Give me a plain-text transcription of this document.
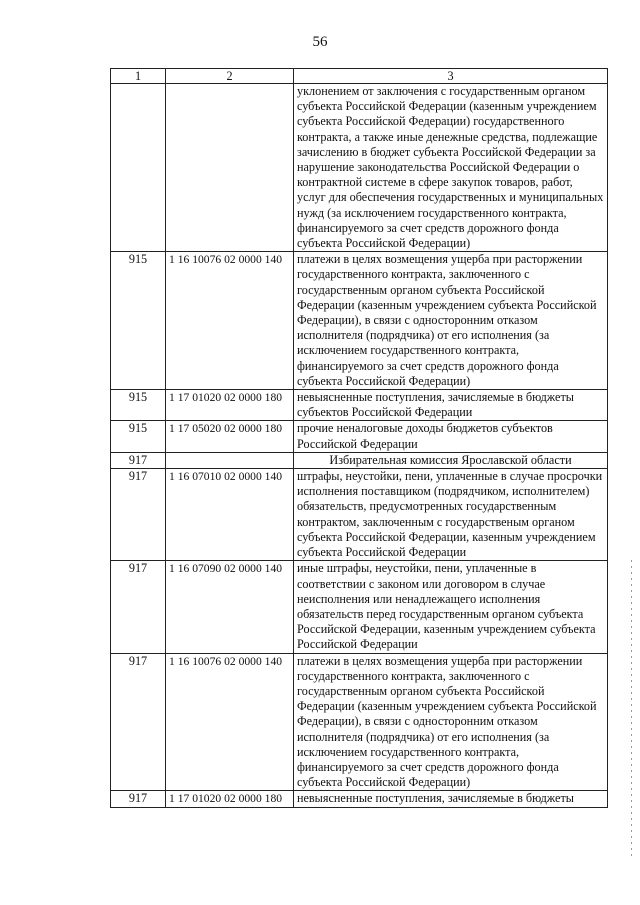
56
1	2	3
		уклонением от заключения с государственным органом субъекта Российской Федерации (казенным учреждением субъекта Российской Федерации) государственного контракта, а также иные денежные средства, подлежащие зачислению в бюджет субъекта Российской Федерации за нарушение законодательства Российской Федерации о контрактной системе в сфере закупок товаров, работ, услуг для обеспечения государственных и муниципальных нужд (за исключением государственного контракта, финансируемого за счет средств дорожного фонда субъекта Российской Федерации)
915	1 16 10076 02 0000 140	платежи в целях возмещения ущерба при расторжении государственного контракта, заключенного с государственным органом субъекта Российской Федерации (казенным учреждением субъекта Российской Федерации), в связи с односторонним отказом исполнителя (подрядчика) от его исполнения (за исключением государственного контракта, финансируемого за счет средств дорожного фонда субъекта Российской Федерации)
915	1 17 01020 02 0000 180	невыясненные поступления, зачисляемые в бюджеты субъектов Российской Федерации
915	1 17 05020 02 0000 180	прочие неналоговые доходы бюджетов субъектов Российской Федерации
917		Избирательная комиссия Ярославской области
917	1 16 07010 02 0000 140	штрафы, неустойки, пени, уплаченные в случае просрочки исполнения поставщиком (подрядчиком, исполнителем) обязательств, предусмотренных государственным контрактом, заключенным с государственым органом субъекта Российской Федерации, казенным учреждением субъекта Российской Федерации
917	1 16 07090 02 0000 140	иные штрафы, неустойки, пени, уплаченные в соответствии с законом или договором в случае неисполнения или ненадлежащего исполнения обязательств перед государственным органом субъекта Российской Федерации, казенным учреждением субъекта Российской Федерации
917	1 16 10076 02 0000 140	платежи в целях возмещения ущерба при расторжении государственного контракта, заключенного с государственным органом субъекта Российской Федерации (казенным учреждением субъекта Российской Федерации), в связи с односторонним отказом исполнителя (подрядчика) от его исполнения (за исключением государственного контракта, финансируемого за счет средств дорожного фонда субъекта Российской Федерации)
917	1 17 01020 02 0000 180	невыясненные поступления, зачисляемые в бюджеты
